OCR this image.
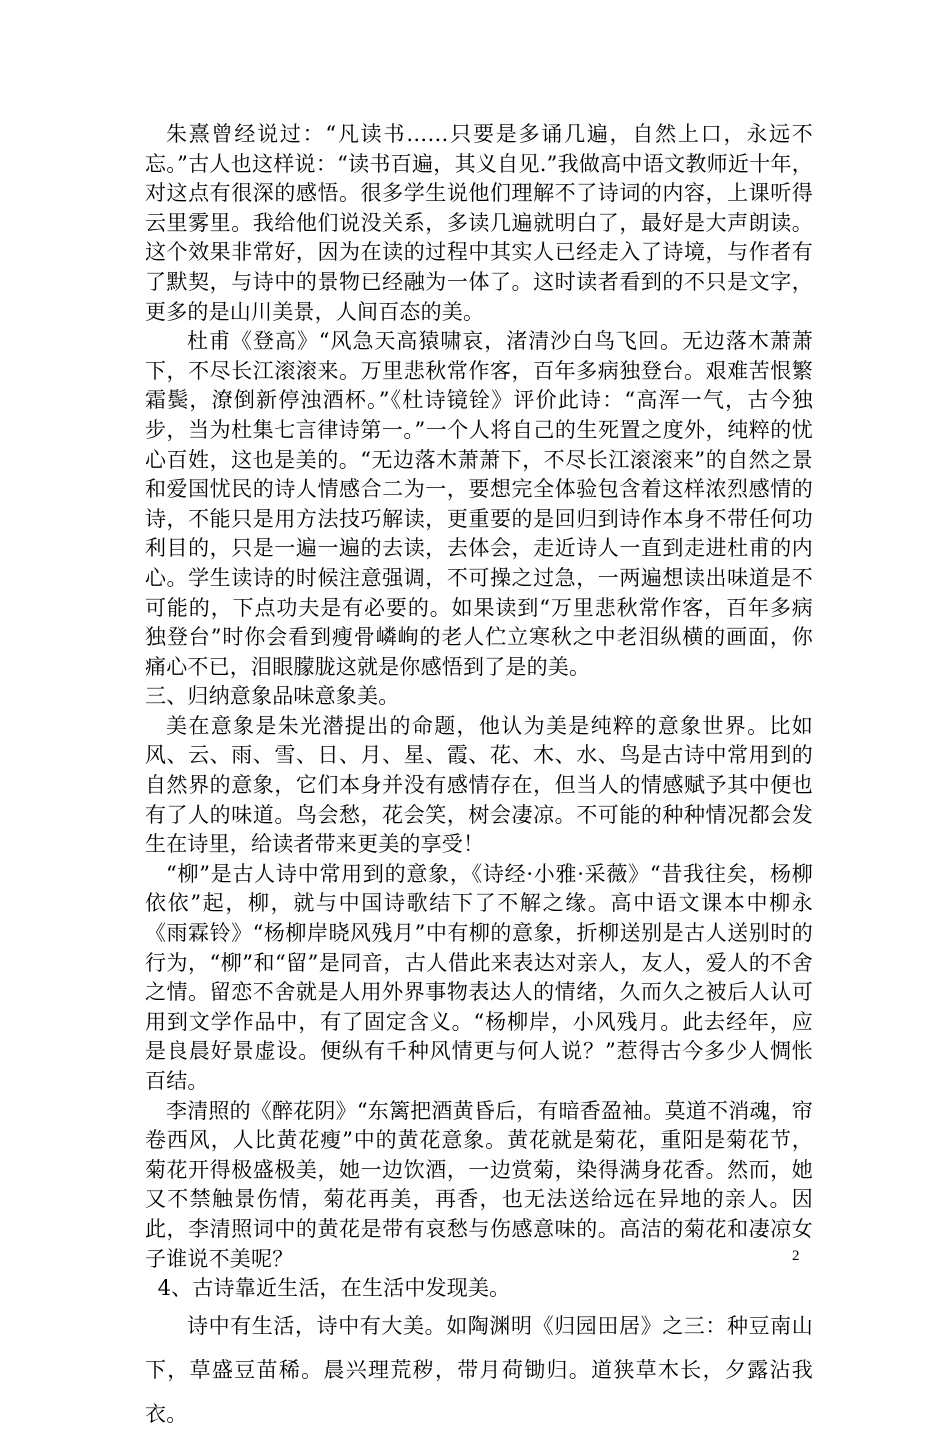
朱熹曾经说过：“凡读书……只要是多诵几遍，自然上口，永远不忘。”古人也这样说：“读书百遍，其义自见.”我做高中语文教师近十年，对这点有很深的感悟。很多学生说他们理解不了诗词的内容，上课听得云里雾里。我给他们说没关系，多读几遍就明白了，最好是大声朗读。这个效果非常好，因为在读的过程中其实人已经走入了诗境，与作者有了默契，与诗中的景物已经融为一体了。这时读者看到的不只是文字，更多的是山川美景，人间百态的美。

杜甫《登高》“风急天高猿啸哀，渚清沙白鸟飞回。无边落木萧萧下，不尽长江滚滚来。万里悲秋常作客，百年多病独登台。艰难苦恨繁霜鬓，潦倒新停浊酒杯。”《杜诗镜铨》评价此诗：“高浑一气，古今独步，当为杜集七言律诗第一。”一个人将自己的生死置之度外，纯粹的忧心百姓，这也是美的。“无边落木萧萧下，不尽长江滚滚来”的自然之景和爱国忧民的诗人情感合二为一，要想完全体验包含着这样浓烈感情的诗，不能只是用方法技巧解读，更重要的是回归到诗作本身不带任何功利目的，只是一遍一遍的去读，去体会，走近诗人一直到走进杜甫的内心。学生读诗的时候注意强调，不可操之过急，一两遍想读出味道是不可能的，下点功夫是有必要的。如果读到“万里悲秋常作客，百年多病独登台”时你会看到瘦骨嶙峋的老人伫立寒秋之中老泪纵横的画面，你痛心不已，泪眼朦胧这就是你感悟到了是的美。

三、归纳意象品味意象美。

美在意象是朱光潜提出的命题，他认为美是纯粹的意象世界。比如风、云、雨、雪、日、月、星、霞、花、木、水、鸟是古诗中常用到的自然界的意象，它们本身并没有感情存在，但当人的情感赋予其中便也有了人的味道。鸟会愁，花会笑，树会凄凉。不可能的种种情况都会发生在诗里，给读者带来更美的享受！

“柳”是古人诗中常用到的意象，《诗经·小雅·采薇》“昔我往矣，杨柳依依”起，柳，就与中国诗歌结下了不解之缘。高中语文课本中柳永《雨霖铃》“杨柳岸晓风残月”中有柳的意象，折柳送别是古人送别时的行为，“柳”和“留”是同音，古人借此来表达对亲人，友人，爱人的不舍之情。留恋不舍就是人用外界事物表达人的情绪，久而久之被后人认可用到文学作品中，有了固定含义。“杨柳岸，小风残月。此去经年，应是良晨好景虚设。便纵有千种风情更与何人说？”惹得古今多少人惆怅百结。

李清照的《醉花阴》“东篱把酒黄昏后，有暗香盈袖。莫道不消魂，帘卷西风，人比黄花瘦”中的黄花意象。黄花就是菊花，重阳是菊花节，菊花开得极盛极美，她一边饮酒，一边赏菊，染得满身花香。然而，她又不禁触景伤情，菊花再美，再香，也无法送给远在异地的亲人。因此，李清照词中的黄花是带有哀愁与伤感意味的。高洁的菊花和凄凉女子谁说不美呢？

4、古诗靠近生活，在生活中发现美。

诗中有生活，诗中有大美。如陶渊明《归园田居》之三：种豆南山下，草盛豆苗稀。晨兴理荒秽，带月荷锄归。道狭草木长，夕露沾我衣。

2
